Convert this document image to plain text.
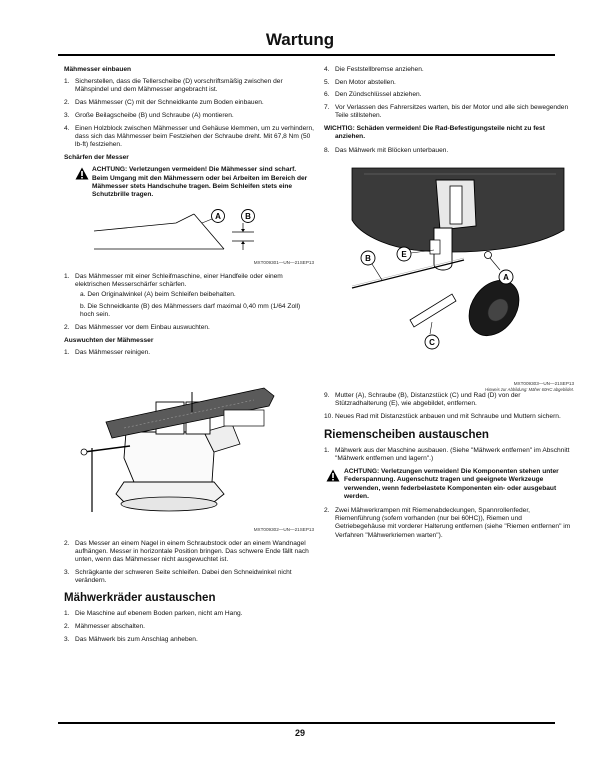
Wartung
Mähmesser einbauen
1. Sicherstellen, dass die Tellerscheibe (D) vorschriftsmäßig zwischen der Mähspindel und dem Mähmesser angebracht ist.
2. Das Mähmesser (C) mit der Schneidkante zum Boden einbauen.
3. Große Beilagscheibe (B) und Schraube (A) montieren.
4. Einen Holzblock zwischen Mähmesser und Gehäuse klemmen, um zu verhindern, dass sich das Mähmesser beim Festziehen der Schraube dreht. Mit 67,8 Nm (50 lb-ft) festziehen.
Schärfen der Messer
ACHTUNG: Verletzungen vermeiden! Die Mähmesser sind scharf. Beim Umgang mit den Mähmessern oder bei Arbeiten im Bereich der Mähmesser stets Handschuhe tragen. Beim Schleifen stets eine Schutzbrille tragen.
A	B
MXT009301—UN—21SEP13
1. Das Mähmesser mit einer Schleifmaschine, einer Handfeile oder einem elektrischen Messerschärfer schärfen.
a. Den Originalwinkel (A) beim Schleifen beibehalten.
b. Die Schneidkante (B) des Mähmessers darf maximal 0,40 mm (1/64 Zoll) hoch sein.
2. Das Mähmesser vor dem Einbau auswuchten.
Auswuchten der Mähmesser
1. Das Mähmesser reinigen.
MXT009302—UN—21SEP13
2. Das Messer an einem Nagel in einem Schraubstock oder an einem Wandnagel aufhängen. Messer in horizontale Position bringen. Das schwere Ende fällt nach unten, wenn das Mähmesser nicht ausgewuchtet ist.
3. Schrägkante der schweren Seite schleifen. Dabei den Schneidwinkel nicht verändern.
Mähwerkräder austauschen
1. Die Maschine auf ebenem Boden parken, nicht am Hang.
2. Mähmesser abschalten.
3. Das Mähwerk bis zum Anschlag anheben.
4. Die Feststellbremse anziehen.
5. Den Motor abstellen.
6. Den Zündschlüssel abziehen.
7. Vor Verlassen des Fahrersitzes warten, bis der Motor und alle sich bewegenden Teile stillstehen.
WICHTIG: Schäden vermeiden! Die Rad-Befestigungsteile nicht zu fest anziehen.
8. Das Mähwerk mit Blöcken unterbauen.
B	E
A
C
MXT009303—UN—21SEP13
Hinweis zur Abbildung: Mäher 60HC abgebildet.
9. Mutter (A), Schraube (B), Distanzstück (C) und Rad (D) von der Stützradhalterung (E), wie abgebildet, entfernen.
10. Neues Rad mit Distanzstück anbauen und mit Schraube und Muttern sichern.
Riemenscheiben austauschen
1. Mähwerk aus der Maschine ausbauen. (Siehe "Mähwerk entfernen" im Abschnitt "Mähwerk entfernen und lagern".)
ACHTUNG: Verletzungen vermeiden! Die Komponenten stehen unter Federspannung. Augenschutz tragen und geeignete Werkzeuge verwenden, wenn federbelastete Komponenten ein- oder ausgebaut werden.
2. Zwei Mähwerkrampen mit Riemenabdeckungen, Spannrollenfeder, Riemenführung (sofern vorhanden (nur bei 60HC)), Riemen und Getriebegehäuse mit vorderer Halterung entfernen (siehe "Riemen entfernen" im Verfahren "Mähwerkriemen warten").
29
